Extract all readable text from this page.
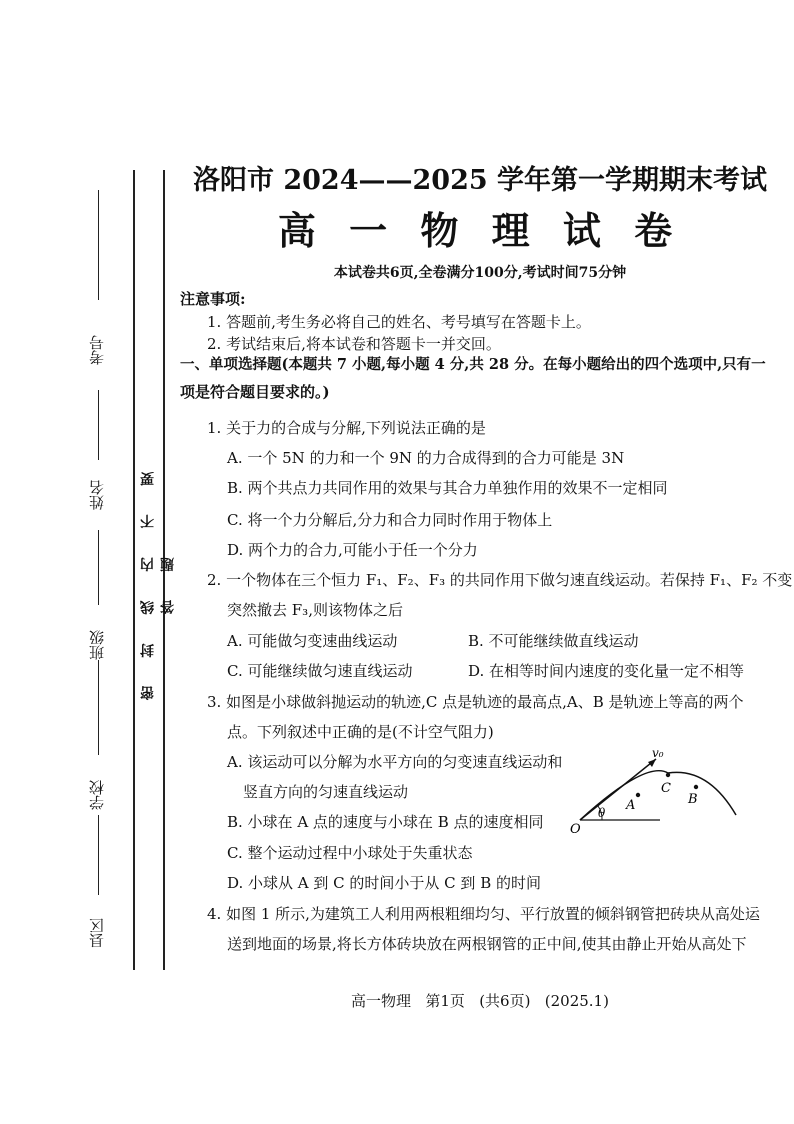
考号
姓名
班级
学校
县区
密 封 线 内 不 要 答 题
洛阳市 2024——2025 学年第一学期期末考试
高 一 物 理 试 卷
本试卷共6页,全卷满分100分,考试时间75分钟
注意事项:
1. 答题前,考生务必将自己的姓名、考号填写在答题卡上。
2. 考试结束后,将本试卷和答题卡一并交回。
一、单项选择题(本题共 7 小题,每小题 4 分,共 28 分。在每小题给出的四个选项中,只有一
项是符合题目要求的。)
1. 关于力的合成与分解,下列说法正确的是
A. 一个 5N 的力和一个 9N 的力合成得到的合力可能是 3N
B. 两个共点力共同作用的效果与其合力单独作用的效果不一定相同
C. 将一个力分解后,分力和合力同时作用于物体上
D. 两个力的合力,可能小于任一个分力
2. 一个物体在三个恒力 F₁、F₂、F₃ 的共同作用下做匀速直线运动。若保持 F₁、F₂ 不变
突然撤去 F₃,则该物体之后
A. 可能做匀变速曲线运动	B. 不可能继续做直线运动
C. 可能继续做匀速直线运动	D. 在相等时间内速度的变化量一定不相等
3. 如图是小球做斜抛运动的轨迹,C 点是轨迹的最高点,A、B 是轨迹上等高的两个
点。下列叙述中正确的是(不计空气阻力)
A. 该运动可以分解为水平方向的匀变速直线运动和
竖直方向的匀速直线运动
B. 小球在 A 点的速度与小球在 B 点的速度相同
C. 整个运动过程中小球处于失重状态
D. 小球从 A 到 C 的时间小于从 C 到 B 的时间
v₀
A
C
B
O
θ
4. 如图 1 所示,为建筑工人利用两根粗细均匀、平行放置的倾斜钢管把砖块从高处运
送到地面的场景,将长方体砖块放在两根钢管的正中间,使其由静止开始从高处下
高一物理   第1页   (共6页)   (2025.1)
